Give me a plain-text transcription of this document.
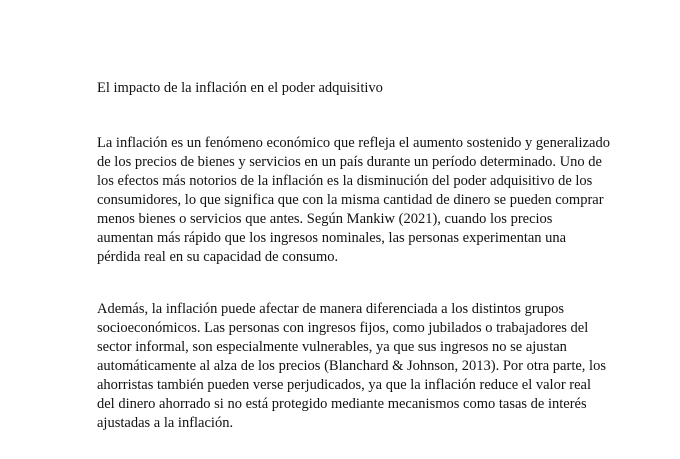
El impacto de la inflación en el poder adquisitivo

La inflación es un fenómeno económico que refleja el aumento sostenido y generalizado
de los precios de bienes y servicios en un país durante un período determinado. Uno de
los efectos más notorios de la inflación es la disminución del poder adquisitivo de los
consumidores, lo que significa que con la misma cantidad de dinero se pueden comprar
menos bienes o servicios que antes. Según Mankiw (2021), cuando los precios
aumentan más rápido que los ingresos nominales, las personas experimentan una
pérdida real en su capacidad de consumo.

Además, la inflación puede afectar de manera diferenciada a los distintos grupos
socioeconómicos. Las personas con ingresos fijos, como jubilados o trabajadores del
sector informal, son especialmente vulnerables, ya que sus ingresos no se ajustan
automáticamente al alza de los precios (Blanchard & Johnson, 2013). Por otra parte, los
ahorristas también pueden verse perjudicados, ya que la inflación reduce el valor real
del dinero ahorrado si no está protegido mediante mecanismos como tasas de interés
ajustadas a la inflación.
